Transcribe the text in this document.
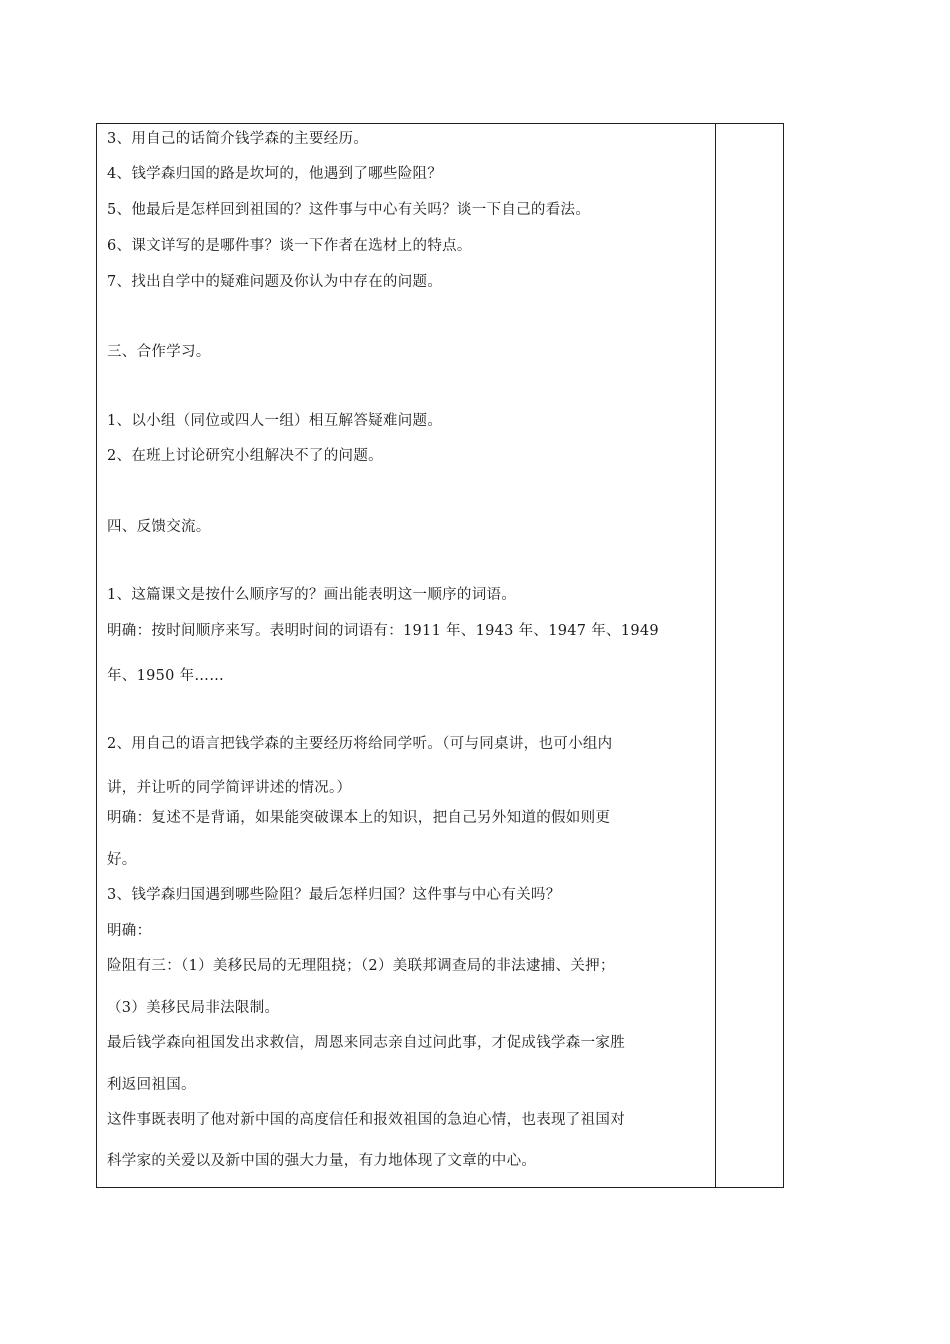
3、用自己的话简介钱学森的主要经历。
4、钱学森归国的路是坎坷的，他遇到了哪些险阻？
5、他最后是怎样回到祖国的？这件事与中心有关吗？谈一下自己的看法。
6、课文详写的是哪件事？谈一下作者在选材上的特点。
7、找出自学中的疑难问题及你认为中存在的问题。
三、合作学习。
1、以小组（同位或四人一组）相互解答疑难问题。
2、在班上讨论研究小组解决不了的问题。
四、反馈交流。
1、这篇课文是按什么顺序写的？画出能表明这一顺序的词语。
明确：按时间顺序来写。表明时间的词语有：1911 年、1943 年、1947 年、1949
年、1950 年……
2、用自己的语言把钱学森的主要经历将给同学听。（可与同桌讲，也可小组内
讲，并让听的同学简评讲述的情况。）
明确：复述不是背诵，如果能突破课本上的知识，把自己另外知道的假如则更
好。
3、钱学森归国遇到哪些险阻？最后怎样归国？这件事与中心有关吗？
明确：
险阻有三：（1）美移民局的无理阻挠；（2）美联邦调查局的非法逮捕、关押；
（3）美移民局非法限制。
最后钱学森向祖国发出求救信，周恩来同志亲自过问此事，才促成钱学森一家胜
利返回祖国。
这件事既表明了他对新中国的高度信任和报效祖国的急迫心情，也表现了祖国对
科学家的关爱以及新中国的强大力量，有力地体现了文章的中心。
